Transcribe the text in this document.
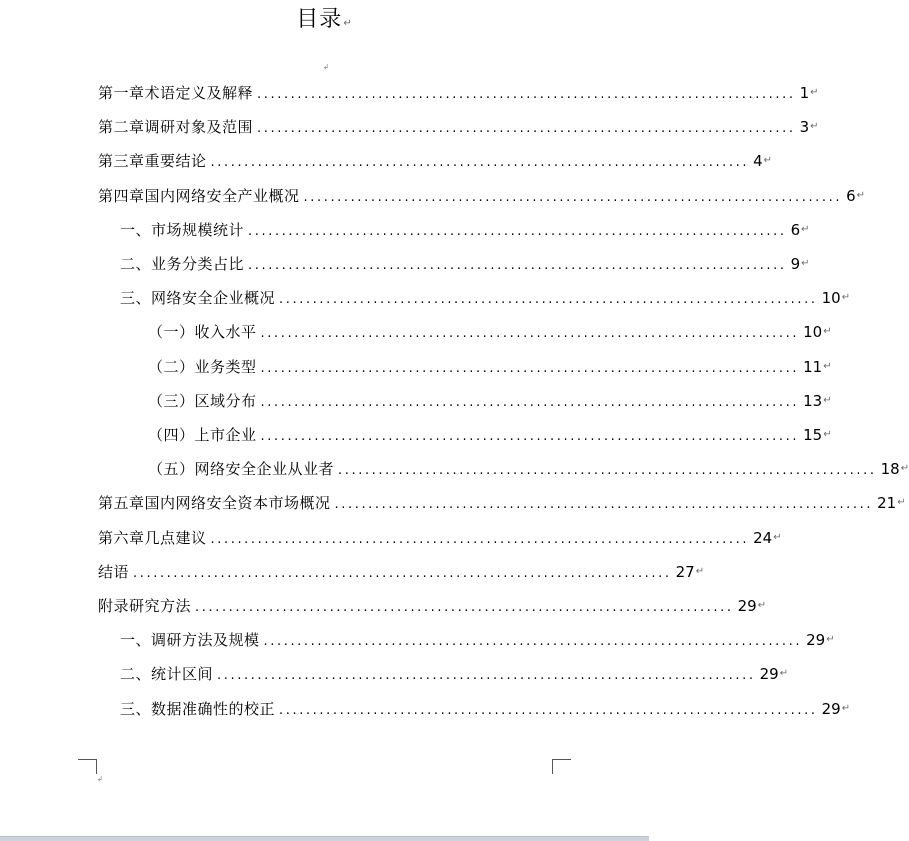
目录↵
↲
第一章术语定义及解释 ................................................................................ 1 ↵
第二章调研对象及范围 ................................................................................ 3 ↵
第三章重要结论 ................................................................................ 4 ↵
第四章国内网络安全产业概况 ................................................................................ 6 ↵
一、市场规模统计 ................................................................................ 6 ↵
二、业务分类占比 ................................................................................ 9 ↵
三、网络安全企业概况 ................................................................................ 10 ↵
（一）收入水平 ................................................................................ 10 ↵
（二）业务类型 ................................................................................ 11 ↵
（三）区域分布 ................................................................................ 13 ↵
（四）上市企业 ................................................................................ 15 ↵
（五）网络安全企业从业者 ................................................................................ 18 ↵
第五章国内网络安全资本市场概况 ................................................................................ 21 ↵
第六章几点建议 ................................................................................ 24 ↵
结语 ................................................................................ 27 ↵
附录研究方法 ................................................................................ 29 ↵
一、调研方法及规模 ................................................................................ 29 ↵
二、统计区间 ................................................................................ 29 ↵
三、数据准确性的校正 ................................................................................ 29 ↵
↲
